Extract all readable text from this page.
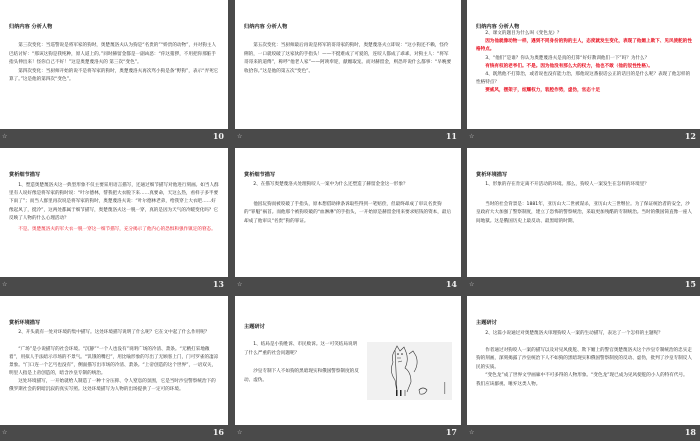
归纳内容 分析人物

第三次变化：当巡警说是将军家的狗时，奥楚蔑洛夫认为狗是“名贵的”“娇贵的动物”，并对狗主人巴结讨好：“那该这狗是我纯种，原人道上的。”同时赫留金都是一副凶恶：“你这猪猡，不用把你那脏手指头伸出来！怪你自己不好！”这是奥楚蔑洛夫的 第三次“变色”。

第四次变化：当厨师开始的说不是将军家的狗时，奥楚蔑洛夫再次骂小狗是条“野狗”，表示“弄死它算了。”这是他的第四次“变色”。

☆	10
归纳内容 分析人物

第五次变化：当厨师最后再说是将军的哥哥家的狗时，奥楚蔑洛夫立即说：“这小狗还不赖，怪伶俐的，一口就咬破了这家伙的手指头！——不挺难成了可爱的，连咬人都成了乖乖，对狗主人：“将军哥哥来的道傅”，称呼“他老人家”——阿谀奉迎，献媚取宠。而对赫留金，则恐吓说什么都事：“早晚要收拾你。”这是他的第五次“变色”。

☆	11
归纳内容 分析人物

2、课文的题目为什么叫《变色龙》？

因为他就像动物一样，遇到不同身份的狗的主人，态度就发生变化，表现了他媚上欺下、见风使舵的性格特点。

3、“他们”是谁？你认为奥楚蔑洛夫是真的打算“好好教训他们一下”吗？为什么？

有钱有权的老爷们。不是。因为他没有那么大的权力，他也不敢（他的奴性性格）。

4、既然他不打算治，或者说也没有能力治，那他说这番狠话公正的话目的是什么呢？表现了他怎样的性格特点？

要威风，摆架子，炫耀权力，装腔作势，虚伪，官态十足

☆	12
赏析细节描写

1、塑造奥楚蔑洛夫这一典型形象不仅主要采用语言描写，还通过细节描写对他进行刻画。如当人群里有人说好像是将军家的狗时说：“叶尔德林，帮我把大衣脱下来……真要命，天这么热，看样子多半要下雨了”；而当人群里再次说是将军家的狗时，奥楚蔑洛夫说：“叶尔德林老弟，给我穿上大衣吧……好像起风了，挺冷”，这两处都属于细节描写，奥楚蔑洛夫这一脱一穿，真的是因为天气的冷暖变化吗？它反映了人物的什么心理活动？

不是。奥楚蔑洛夫的军大衣一脱一穿这一细节描写，充分揭示了他内心的恐惧和强作镇定的窘态。

☆	13
赏析细节描写

2、在描写奥楚蔑洛夫处理狗咬人一案中为什么还塑造了赫留金金这一形象？

他因玩狗而被咬破了手指头，原本想借助律条诉取些得到一笔赔偿，但最终却成了审议名贵狗的“罪魁”祸首。而他那个被狗咬破的“血淋淋”的手指头，一开始原是赫留金用来要求赔钱的资本，最后却成了他审议“名贵”狗的罪证。

☆	14
赏析环境描写

1、形象的存在肯定离不开活动的环境。那么，狗咬人一案发生在怎样的环境里？

当时的社会背景是：1881年，亚历山大二世被谋杀，亚历山大三世继位。为了保证统治者的安全，沙皇政府大大加强了警察制度，建立了恐怖的警察统治，采取更加残酷的专制统治。当时的俄国简直像一座人间地狱。这是俄国历史上最反动、最黑暗的时期。

☆	15
赏析环境描写

2、开头就有一处对环境的集中描写。这处环境描写说明了什么呢？它在文中起了什么作用呢？

“广场”是小说描写的社会环境。“沉静”“一个人也没有”说明广场的冷清、萧条。“无精打采地敞着”，用拟人手法暗示市场的不景气。“饥饿的嘴巴”，用比喻形象的写出了无顾客上门，门可罗雀的凄凉景象。“门口连一个乞丐也没有”，侧面描写出市场的冷清、萧条。“上帝创造的这个世界”，一语双关，明里人指是上帝创造的，暗含沙皇专制的统治。

这处环境描写，一开始就给人制造了一种十分压抑、令人窒息的氛围，它是当时沙皇警察统治下的俄罗斯社会的阴暗沉寂的真实写照。这处环境描写为人物的出场提供了一定可的环境。

☆	16
主题研讨

1、结局是小狗胜诉、市民败诉。这一可笑结局说明了什么严重的社会问题呢？

沙皇专制下人不如狗的黑暗现实和俄国警察制度的反动、虚伪。

☆	17
主题研讨

2、这篇小说通过对奥楚蔑洛夫审理狗咬人一案的生动描写，表达了一个怎样的主题呢？

作者通过对狗咬人一案的描写以及对见风使舵、欺下媚上的警官奥楚蔑洛夫这个沙皇专制统治的忠实走狗的刻画，深刻揭露了沙皇统治下人不如狗的黑暗现实和俄国警察制度的反动、虚伪，批判了沙皇专制反人民的实质。

“变色龙”成了世界文学画廊中不可多得的人物形象。“变色龙”现已成为见风使舵的小人的特有代号。我们应该鄙视、唾弃这类人物。

☆	18
